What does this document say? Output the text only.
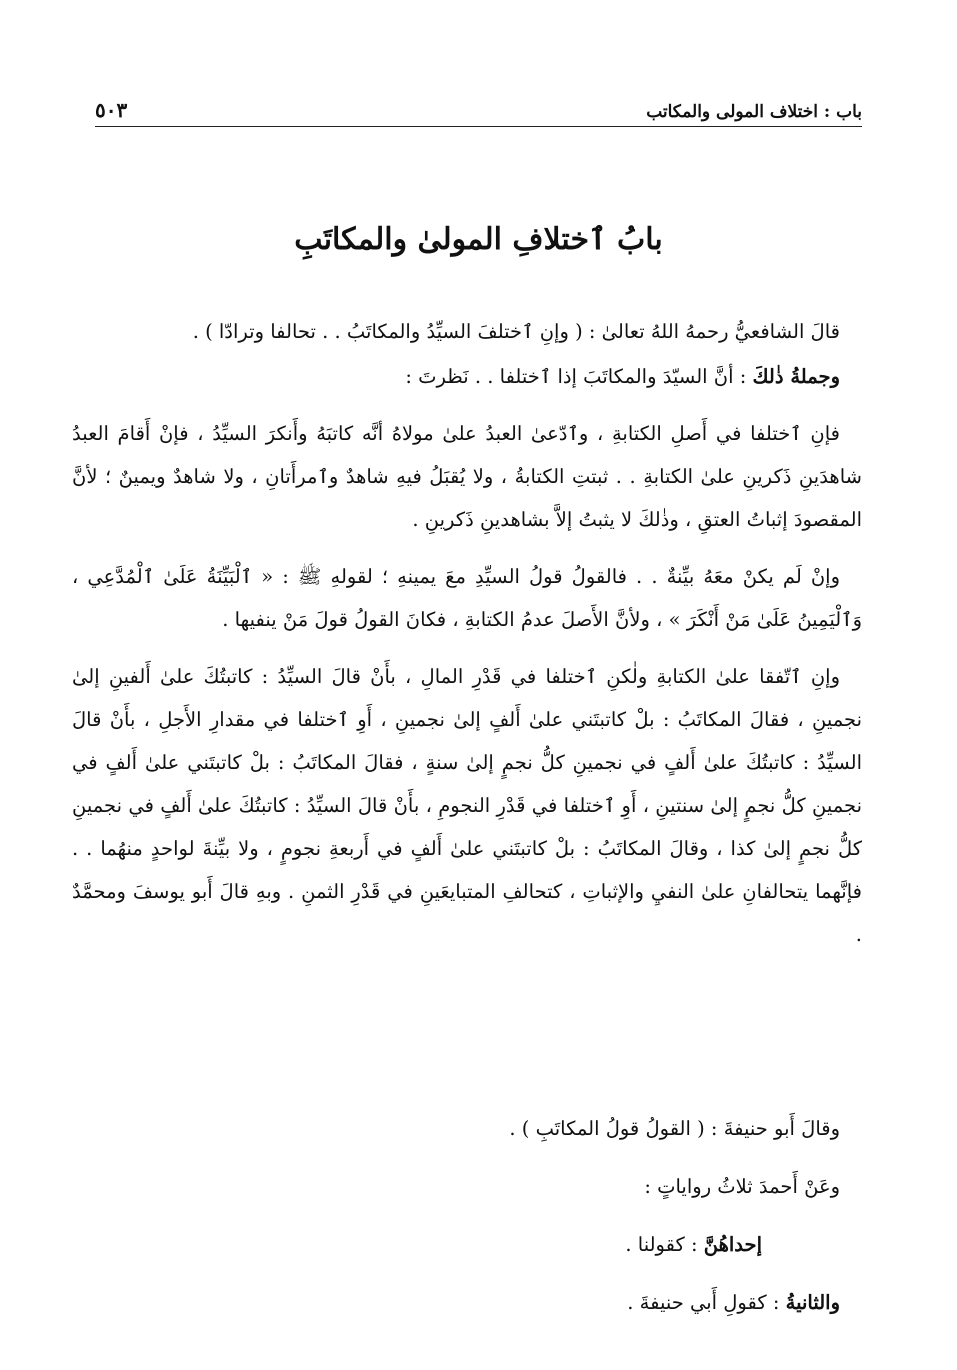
باب : اختلاف المولى والمكاتب
٥٠٣
بابُ ٱختلافِ المولىٰ والمكاتَبِ

قالَ الشافعيُّ رحمهُ اللهُ تعالىٰ : ( وإنِ ٱختلفَ السيِّدُ والمكاتَبُ . . تحالفا وترادّا ) .

وجملةُ ذٰلكَ : أنَّ السيّدَ والمكاتَبَ إذا ٱختلفا . . نَظرتَ :

فإنِ ٱختلفا في أَصلِ الكتابةِ ، وٱدّعىٰ العبدُ علىٰ مولاهُ أنَّه كاتبَهُ وأَنكرَ السيِّدُ ، فإنْ أَقامَ العبدُ شاهدَينِ ذَكرينِ علىٰ الكتابةِ . . ثبتتِ الكتابةُ ، ولا يُقبَلُ فيهِ شاهدٌ وٱمرأَتانِ ، ولا شاهدٌ ويمينٌ ؛ لأنَّ المقصودَ إثباتُ العتقِ ، وذٰلكَ لا يثبتُ إلاَّ بشاهدينِ ذَكرينِ .

وإنْ لَم يكنْ معَهُ بيِّنةٌ . . فالقولُ قولُ السيِّدِ معَ يمينهِ ؛ لقولهِ ﷺ : « ٱلْبَيِّنَةُ عَلَىٰ ٱلْمُدَّعِي ، وَٱلْيَمِينُ عَلَىٰ مَنْ أَنْكَرَ » ، ولأنَّ الأَصلَ عدمُ الكتابةِ ، فكانَ القولُ قولَ مَنْ ينفيها .

وإنِ ٱتّفقا علىٰ الكتابةِ ولٰكنِ ٱختلفا في قَدْرِ المالِ ، بأَنْ قالَ السيِّدُ : كاتبتُكَ علىٰ أَلفينِ إلىٰ نجمينِ ، فقالَ المكاتَبُ : بلْ كاتبتَني علىٰ أَلفٍ إلىٰ نجمينِ ، أَوِ ٱختلفا في مقدارِ الأَجلِ ، بأَنْ قالَ السيِّدُ : كاتبتُكَ علىٰ أَلفٍ في نجمينِ كلُّ نجمٍ إلىٰ سنةٍ ، فقالَ المكاتَبُ : بلْ كاتبتَني علىٰ أَلفٍ في نجمينِ كلُّ نجمٍ إلىٰ سنتينِ ، أَوِ ٱختلفا في قَدْرِ النجومِ ، بأَنْ قالَ السيِّدُ : كاتبتُكَ علىٰ أَلفٍ في نجمينِ كلُّ نجمٍ إلىٰ كذا ، وقالَ المكاتَبُ : بلْ كاتبتَني علىٰ أَلفٍ في أَربعةِ نجومٍ ، ولا بيِّنةَ لواحدٍ منهُما . . فإنَّهما يتحالفانِ علىٰ النفيِ والإثباتِ ، كتحالفِ المتبايعَينِ في قَدْرِ الثمنِ . وبهِ قالَ أَبو يوسفَ ومحمَّدٌ .

وقالَ أَبو حنيفةَ : ( القولُ قولُ المكاتَبِ ) .
وعَنْ أَحمدَ ثلاثُ رواياتٍ :
إحداهُنَّ : كقولنا .
والثانيةُ : كقولِ أَبي حنيفةَ .
